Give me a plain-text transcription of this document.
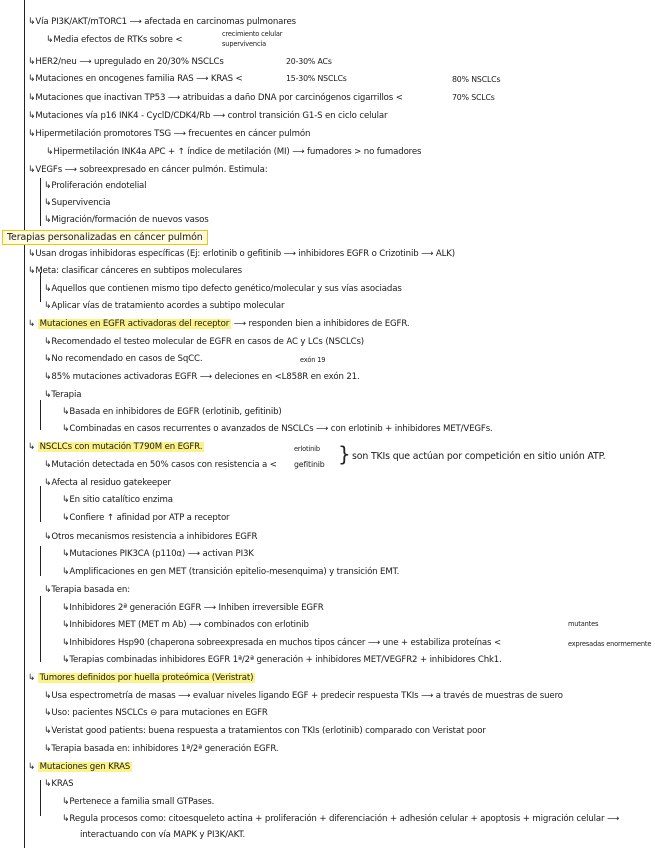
↳ Vía PI3K/AKT/mTORC1 ⟶ afectada en carcinomas pulmonares
↳ Media efectos de RTKs sobre <
crecimiento celular
supervivencia
↳ HER2/neu ⟶ upregulado en 20/30% NSCLCs	20-30% ACs
↳ Mutaciones en oncogenes familia RAS ⟶ KRAS <	15-30% NSCLCs	80% NSCLCs
↳ Mutaciones que inactivan TP53 ⟶ atribuidas a daño DNA por carcinógenos cigarrillos <	70% SCLCs
↳ Mutaciones vía p16 INK4 - CyclD/CDK4/Rb ⟶ control transición G1-S en ciclo celular
↳ Hipermetilación promotores TSG ⟶ frecuentes en cáncer pulmón
↳ Hipermetilación INK4a APC + ↑ índice de metilación (MI) ⟶ fumadores > no fumadores
↳ VEGFs ⟶ sobreexpresado en cáncer pulmón. Estimula:
↳ Proliferación endotelial
↳ Supervivencia
↳ Migración/formación de nuevos vasos
Terapias personalizadas en cáncer pulmón
↳ Usan drogas inhibidoras específicas (Ej: erlotinib o gefitinib ⟶ inhibidores EGFR o Crizotinib ⟶ ALK)
↳ Meta: clasificar cánceres en subtipos moleculares
↳ Aquellos que contienen mismo tipo defecto genético/molecular y sus vías asociadas
↳ Aplicar vías de tratamiento acordes a subtipo molecular
↳ Mutaciones en EGFR activadoras del receptor ⟶ responden bien a inhibidores de EGFR.
↳ Recomendado el testeo molecular de EGFR en casos de AC y LCs (NSCLCs)
↳ No recomendado en casos de SqCC.	exón 19
↳ 85% mutaciones activadoras EGFR ⟶ deleciones en <L858R en exón 21.
↳ Terapia
↳ Basada en inhibidores de EGFR (erlotinib, gefitinib)
↳ Combinadas en casos recurrentes o avanzados de NSCLCs ⟶ con erlotinib + inhibidores MET/VEGFs.
↳ NSCLCs con mutación T790M en EGFR.	erlotinib
↳ Mutación detectada en 50% casos con resistencia a < gefitinib } son TKIs que actúan por competición en sitio unión ATP.
↳ Afecta al residuo gatekeeper
↳ En sitio catalítico enzima
↳ Confiere ↑ afinidad por ATP a receptor
↳ Otros mecanismos resistencia a inhibidores EGFR
↳ Mutaciones PIK3CA (p110α) ⟶ activan PI3K
↳ Amplificaciones en gen MET (transición epitelio-mesenquima) y transición EMT.
↳ Terapia basada en:
↳ Inhibidores 2ª generación EGFR ⟶ Inhiben irreversible EGFR
↳ Inhibidores MET (MET m Ab) ⟶ combinados con erlotinib	mutantes
↳ Inhibidores Hsp90 (chaperona sobreexpresada en muchos tipos cáncer ⟶ une + estabiliza proteínas <	expresadas enormemente
↳ Terapias combinadas inhibidores EGFR 1ª/2ª generación + inhibidores MET/VEGFR2 + inhibidores Chk1.
↳ Tumores definidos por huella proteómica (Veristrat)
↳ Usa espectrometría de masas ⟶ evaluar niveles ligando EGF + predecir respuesta TKIs ⟶ a través de muestras de suero
↳ Uso: pacientes NSCLCs ⊖ para mutaciones en EGFR
↳ Veristat good patients: buena respuesta a tratamientos con TKIs (erlotinib) comparado con Veristat poor
↳ Terapia basada en: inhibidores 1ª/2ª generación EGFR.
↳ Mutaciones gen KRAS
↳ KRAS
↳ Pertenece a familia small GTPases.
↳ Regula procesos como: citoesqueleto actina + proliferación + diferenciación + adhesión celular + apoptosis + migración celular ⟶
interactuando con vía MAPK y PI3K/AKT.
